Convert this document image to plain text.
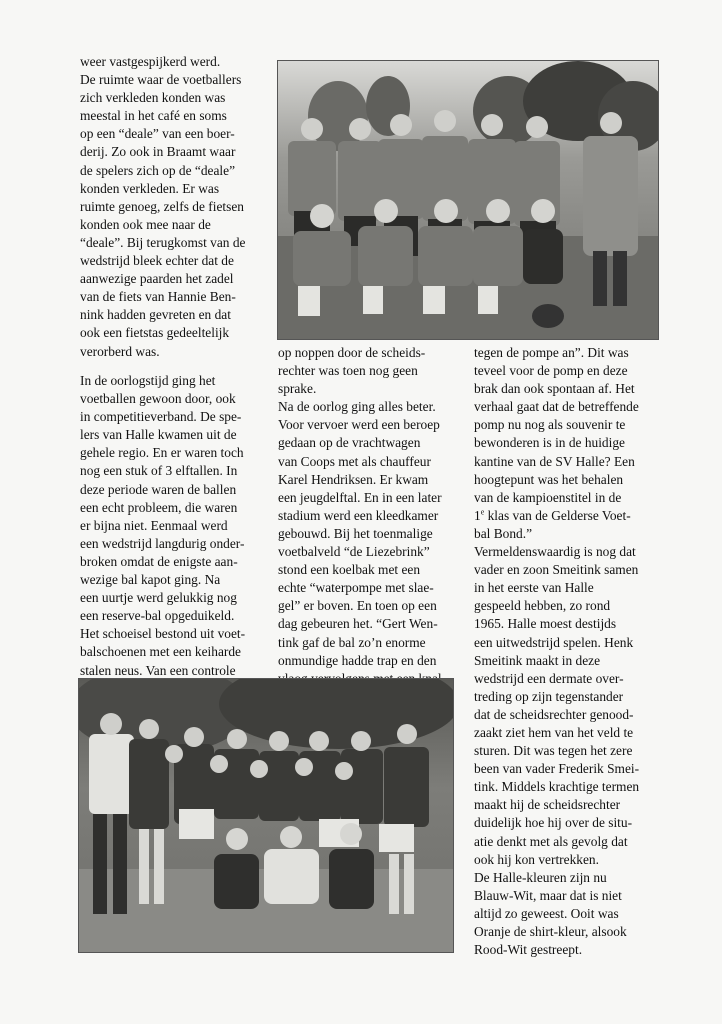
weer vastgespijkerd werd.
De ruimte waar de voetballers
zich verkleden konden was
meestal in het café en soms
op een “deale” van een boer-
derij. Zo ook in Braamt waar
de spelers zich op de “deale”
konden verkleden. Er was
ruimte genoeg, zelfs de fietsen
konden ook mee naar de
“deale”. Bij terugkomst van de
wedstrijd bleek echter dat de
aanwezige paarden het zadel
van de fiets van Hannie Ben-
nink hadden gevreten en dat
ook een fietstas gedeeltelijk
verorberd was.
In de oorlogstijd ging het
voetballen gewoon door, ook
in competitieverband. De spe-
lers van Halle kwamen uit de
gehele regio. En er waren toch
nog een stuk of 3 elftallen. In
deze periode waren de ballen
een echt probleem, die waren
er bijna niet. Eenmaal werd
een wedstrijd langdurig onder-
broken omdat de enigste aan-
wezige bal kapot ging. Na
een uurtje werd gelukkig nog
een reserve-bal opgeduikeld.
Het schoeisel bestond uit voet-
balschoenen met een keiharde
stalen neus. Van een controle
op noppen door de scheids-
rechter was toen nog geen
sprake.
Na de oorlog ging alles beter.
Voor vervoer werd een beroep
gedaan op de vrachtwagen
van Coops met als chauffeur
Karel Hendriksen. Er kwam
een jeugdelftal. En in een later
stadium werd een kleedkamer
gebouwd. Bij het toenmalige
voetbalveld “de Liezebrink”
stond een koelbak met een
echte “waterpompe met slae-
gel” er boven. En toen op een
dag gebeuren het. “Gert Wen-
tink gaf de bal zo’n enorme
onmundige hadde trap en den
tegen de pompe an”. Dit was
teveel voor de pomp en deze
brak dan ook spontaan af. Het
verhaal gaat dat de betreffende
pomp nu nog als souvenir te
bewonderen is in de huidige
kantine van de SV Halle? Een
hoogtepunt was het behalen
van de kampioenstitel in de
1e klas van de Gelderse Voet-
bal Bond.”
Vermeldenswaardig is nog dat
vader en zoon Smeitink samen
in het eerste van Halle
gespeeld hebben, zo rond
1965. Halle moest destijds
een uitwedstrijd spelen. Henk
Smeitink maakt in deze
wedstrijd een dermate over-
treding op zijn tegenstander
dat de scheidsrechter genood-
zaakt ziet hem van het veld te
sturen. Dit was tegen het zere
been van vader Frederik Smei-
tink. Middels krachtige termen
maakt hij de scheidsrechter
duidelijk hoe hij over de situ-
atie denkt met als gevolg dat
ook hij kon vertrekken.
De Halle-kleuren zijn nu
Blauw-Wit, maar dat is niet
altijd zo geweest. Ooit was
Oranje de shirt-kleur, alsook
Rood-Wit gestreept.
